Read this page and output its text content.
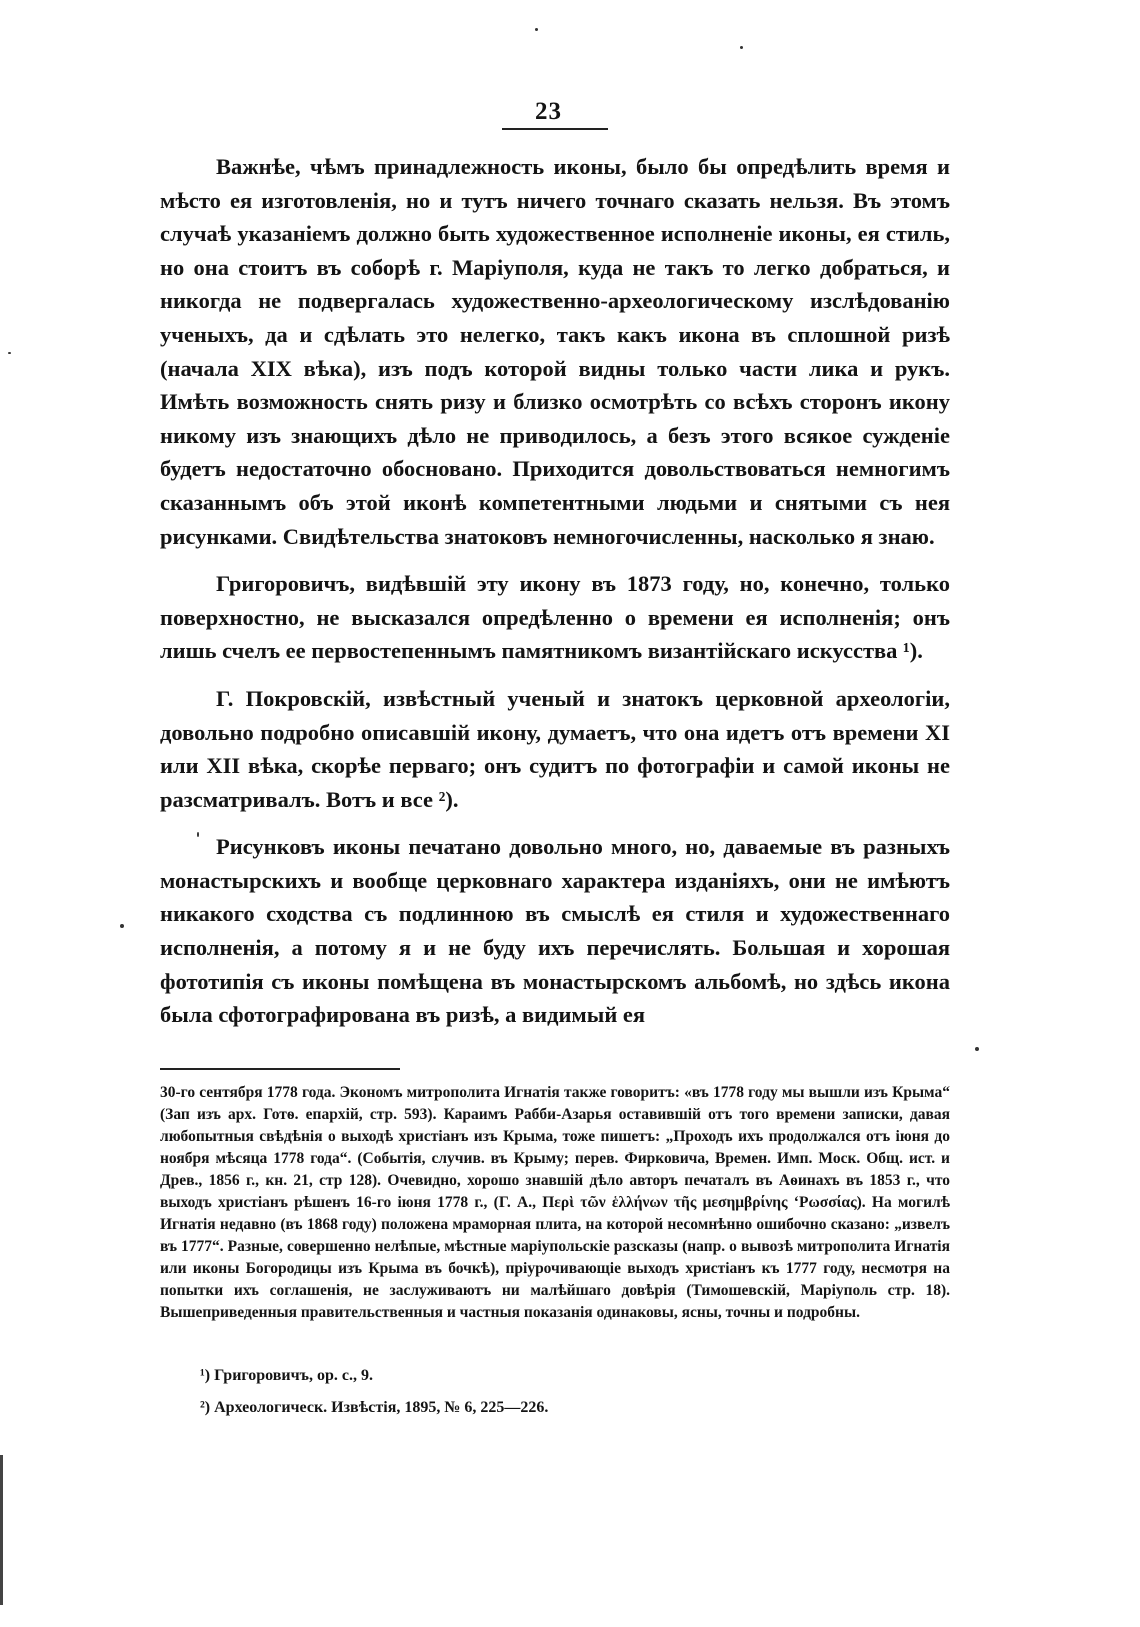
23

Важнѣе, чѣмъ принадлежность иконы, было бы опредѣлить время и мѣсто ея изготовленія, но и тутъ ничего точнаго сказать нельзя. Въ этомъ случаѣ указаніемъ должно быть художественное исполненіе иконы, ея стиль, но она стоитъ въ соборѣ г. Маріуполя, куда не такъ то легко добраться, и никогда не подвергалась художественно-археологическому изслѣдованію ученыхъ, да и сдѣлать это нелегко, такъ какъ икона въ сплошной ризѣ (начала XIX вѣка), изъ подъ которой видны только части лика и рукъ. Имѣть возможность снять ризу и близко осмотрѣть со всѣхъ сторонъ икону никому изъ знающихъ дѣло не приводилось, а безъ этого всякое сужденіе будетъ недостаточно обосновано. Приходится довольствоваться немногимъ сказаннымъ объ этой иконѣ компетентными людьми и снятыми съ нея рисунками. Свидѣтельства знатоковъ немногочисленны, насколько я знаю.

Григоровичъ, видѣвшій эту икону въ 1873 году, но, конечно, только поверхностно, не высказался опредѣленно о времени ея исполненія; онъ лишь счелъ ее первостепеннымъ памятникомъ византійскаго искусства ¹).

Г. Покровскій, извѣстный ученый и знатокъ церковной археологіи, довольно подробно описавшій икону, думаетъ, что она идетъ отъ времени XI или XII вѣка, скорѣе перваго; онъ судитъ по фотографіи и самой иконы не разсматривалъ. Вотъ и все ²).

Рисунковъ иконы печатано довольно много, но, даваемые въ разныхъ монастырскихъ и вообще церковнаго характера изданіяхъ, они не имѣютъ никакого сходства съ подлинною въ смыслѣ ея стиля и художественнаго исполненія, а потому я и не буду ихъ перечислять. Большая и хорошая фототипія съ иконы помѣщена въ монастырскомъ альбомѣ, но здѣсь икона была сфотографирована въ ризѣ, а видимый ея

30-го сентября 1778 года. Экономъ митрополита Игнатія также говоритъ: «въ 1778 году мы вышли изъ Крыма“ (Зап изъ арх. Готѳ. епархій, стр. 593). Караимъ Рабби-Азарья оставившій отъ того времени записки, давая любопытныя свѣдѣнія о выходѣ христіанъ изъ Крыма, тоже пишетъ: „Проходъ ихъ продолжался отъ іюня до ноября мѣсяца 1778 года“. (Событія, случив. въ Крыму; перев. Фирковича, Времен. Имп. Моск. Общ. ист. и Древ., 1856 г., кн. 21, стр 128). Очевидно, хорошо знавшій дѣло авторъ печаталъ въ Аѳинахъ въ 1853 г., что выходъ христіанъ рѣшенъ 16-го іюня 1778 г., (Г. Α., Περὶ τῶν ἑλλήνων τῆς μεσημβρίνης ‘Ρωσσίας). На могилѣ Игнатія недавно (въ 1868 году) положена мраморная плита, на которой несомнѣнно ошибочно сказано: „извелъ въ 1777“. Разные, совершенно нелѣпые, мѣстные маріупольскіе разсказы (напр. о вывозѣ митрополита Игнатія или иконы Богородицы изъ Крыма въ бочкѣ), пріурочивающіе выходъ христіанъ къ 1777 году, несмотря на попытки ихъ соглашенія, не заслуживаютъ ни малѣйшаго довѣрія (Тимошевскій, Маріуполь стр. 18). Вышеприведенныя правительственныя и частныя показанія одинаковы, ясны, точны и подробны.

¹) Григоровичъ, ор. с., 9.
²) Археологическ. Извѣстія, 1895, № 6, 225—226.
